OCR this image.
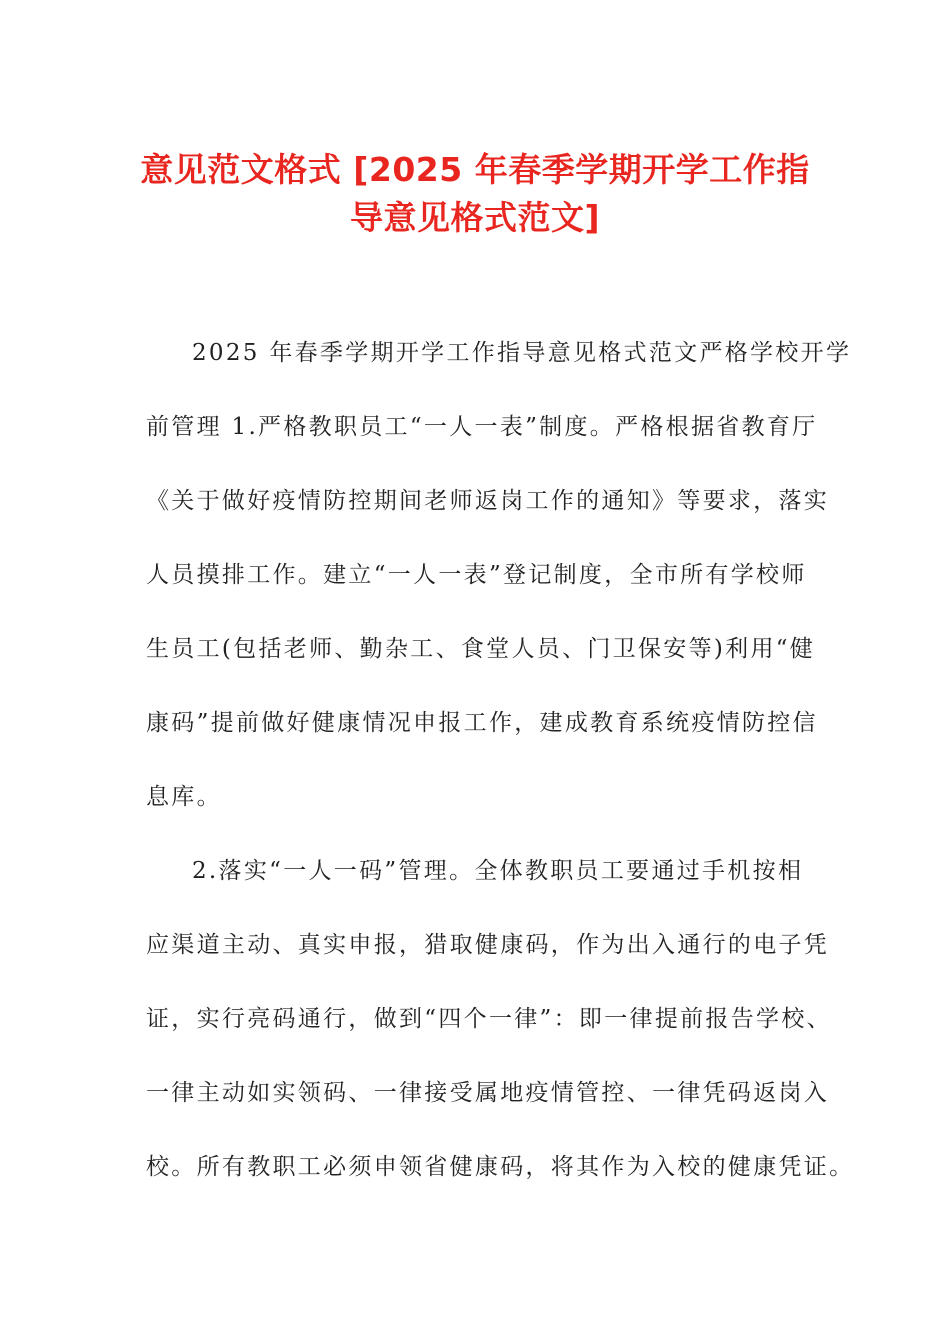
意见范文格式 [2025 年春季学期开学工作指
导意见格式范文]
2025 年春季学期开学工作指导意见格式范文严格学校开学
前管理 1.严格教职员工“一人一表”制度。严格根据省教育厅
《关于做好疫情防控期间老师返岗工作的通知》等要求，落实
人员摸排工作。建立“一人一表”登记制度，全市所有学校师
生员工(包括老师、勤杂工、食堂人员、门卫保安等)利用“健
康码”提前做好健康情况申报工作，建成教育系统疫情防控信
息库。
2.落实“一人一码”管理。全体教职员工要通过手机按相
应渠道主动、真实申报，猎取健康码，作为出入通行的电子凭
证，实行亮码通行，做到“四个一律”：即一律提前报告学校、
一律主动如实领码、一律接受属地疫情管控、一律凭码返岗入
校。所有教职工必须申领省健康码，将其作为入校的健康凭证。
